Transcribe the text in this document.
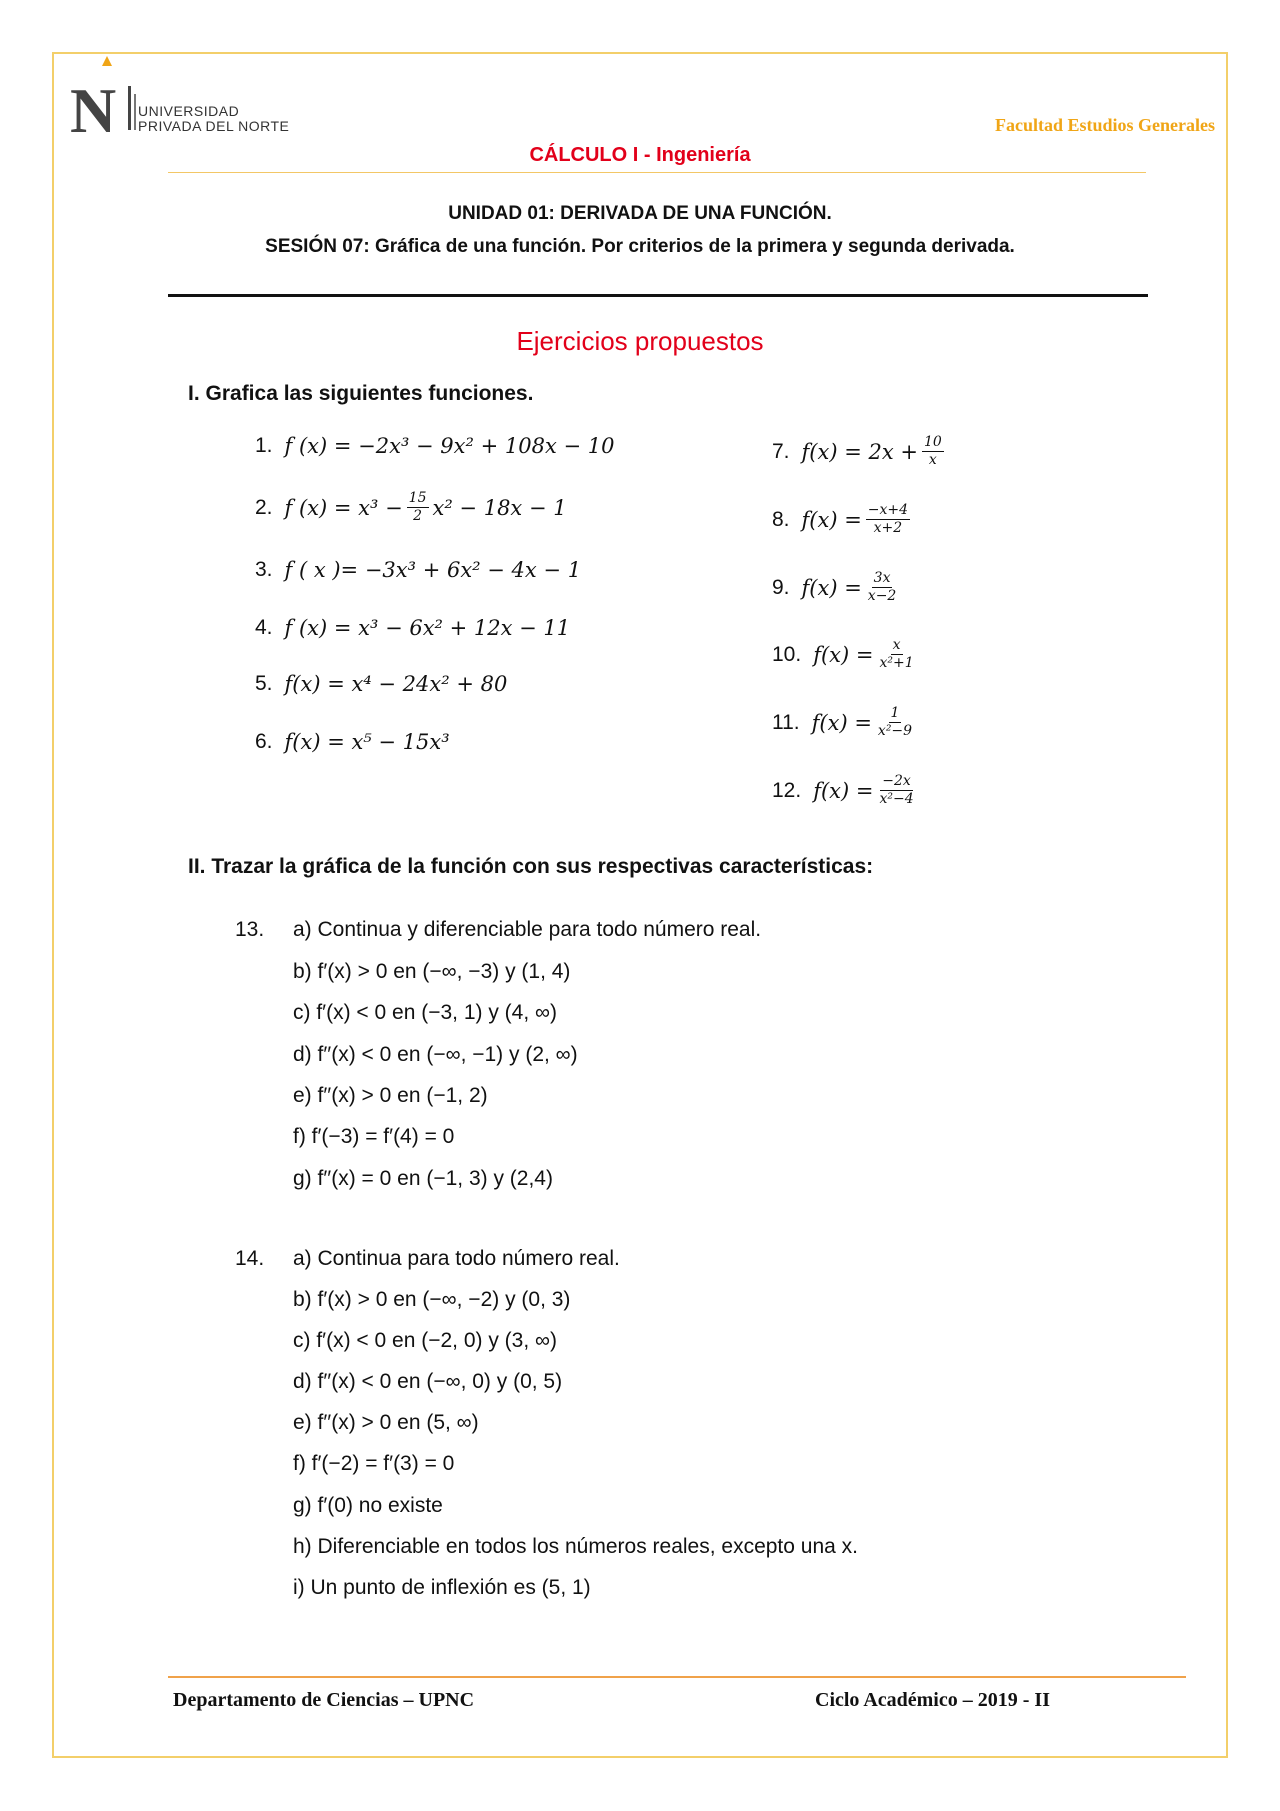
N UNIVERSIDAD
PRIVADA DEL NORTE	Facultad Estudios Generales
CÁLCULO I - Ingeniería
UNIDAD 01: DERIVADA DE UNA FUNCIÓN.
SESIÓN 07: Gráfica de una función. Por criterios de la primera y segunda derivada.
Ejercicios propuestos
I. Grafica las siguientes funciones.
1. f (x) = −2x³ − 9x² + 108x − 10
2. f $(x) = x^3 - \frac{15}{2} x^2 - 18x - 1$
3. f ( x )= −3x³ + 6x² − 4x − 1
4. f (x) = x³ − 6x² + 12x − 11
5. f(x) = x⁴ − 24x² + 80
6. f(x) = x⁵ − 15x³
7. $f(x) = 2x + \frac{10}{x}$
8. $f(x) = \frac{-x+4}{x+2}$
9. $f(x) = \frac{3x}{x-2}$
10. $f(x) = \frac{x}{\text{x²+1}}$
11. $f(x) = \frac{1}{\text{x²−9}}$
12. $f(x) = \frac{-2x}{\text{x²−4}}$
II. Trazar la gráfica de la función con sus respectivas características:
13. a) Continua y diferenciable para todo número real.
b) f′(x) > 0 en (−∞, −3) y (1, 4)
c) f′(x) < 0 en (−3, 1) y (4, ∞)
d) f′′(x) < 0 en (−∞, −1) y (2, ∞)
e) f′′(x) > 0 en (−1, 2)
f) f′(−3) = f′(4) = 0
g) f′′(x) = 0 en (−1, 3) y (2,4)
14. a) Continua para todo número real.
b) f′(x) > 0 en (−∞, −2) y (0, 3)
c) f′(x) < 0 en (−2, 0) y (3, ∞)
d) f′′(x) < 0 en (−∞, 0) y (0, 5)
e) f′′(x) > 0 en (5, ∞)
f) f′(−2) = f′(3) = 0
g) f′(0) no existe
h) Diferenciable en todos los números reales, excepto una x.
i) Un punto de inflexión es (5, 1)
Departamento de Ciencias – UPNC	Ciclo Académico – 2019 - II
